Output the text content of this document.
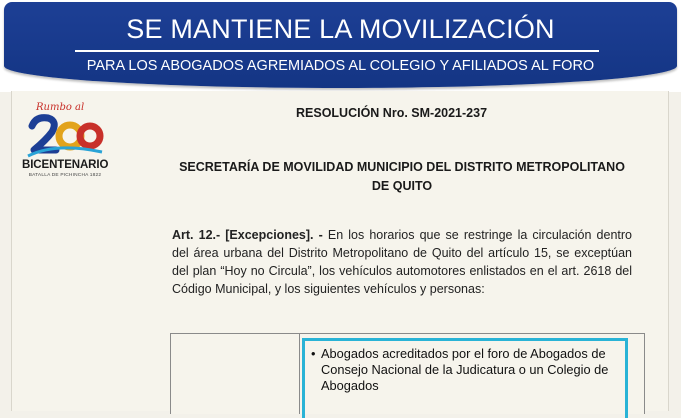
SE MANTIENE LA MOVILIZACIÓN
PARA LOS ABOGADOS AGREMIADOS AL COLEGIO Y AFILIADOS AL FORO
Rumbo al
BICENTENARIO
BATALLA DE PICHINCHA 1822
RESOLUCIÓN Nro. SM-2021-237
SECRETARÍA DE MOVILIDAD MUNICIPIO DEL DISTRITO METROPOLITANO DE QUITO
Art. 12.- [Excepciones]. - En los horarios que se restringe la circulación dentro del área urbana del Distrito Metropolitano de Quito del artículo 15, se exceptúan del plan “Hoy no Circula”, los vehículos automotores enlistados en el art. 2618 del Código Municipal, y los siguientes vehículos y personas:
• Abogados acreditados por el foro de Abogados de Consejo Nacional de la Judicatura o un Colegio de Abogados
